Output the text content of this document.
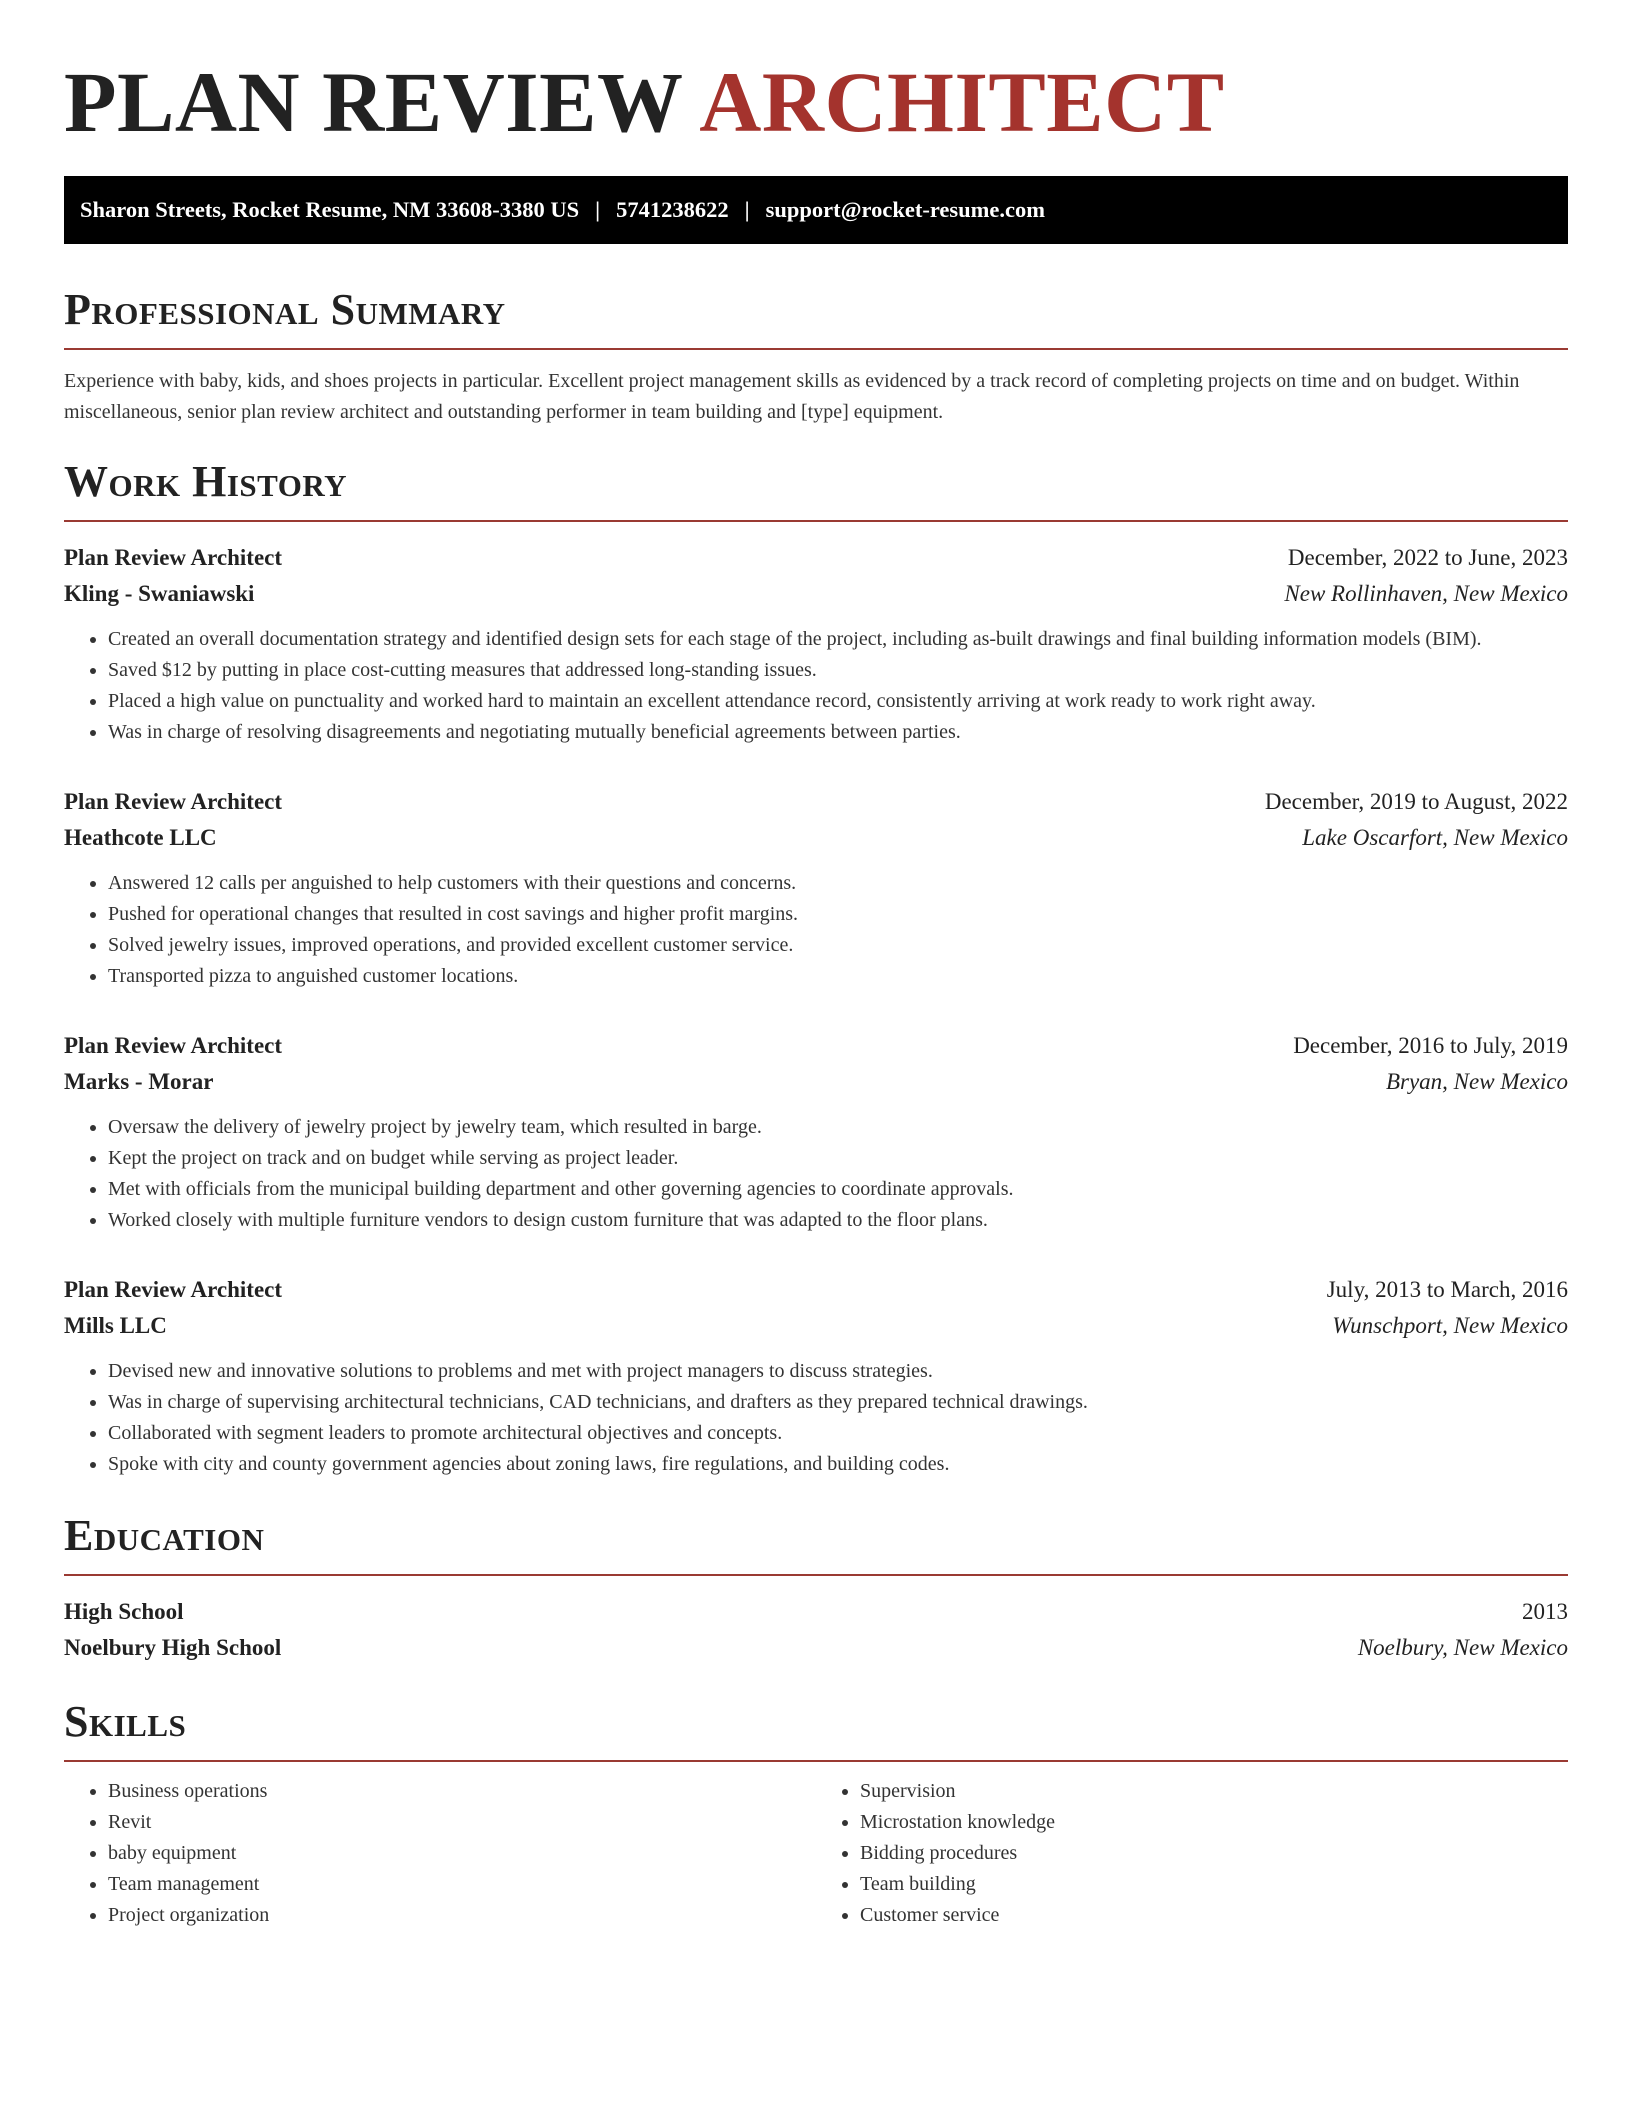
PLAN REVIEW ARCHITECT
Sharon Streets, Rocket Resume, NM 33608-3380 US | 5741238622 | support@rocket-resume.com
Professional Summary

Experience with baby, kids, and shoes projects in particular. Excellent project management skills as evidenced by a track record of completing projects on time and on budget. Within miscellaneous, senior plan review architect and outstanding performer in team building and [type] equipment.

Work History
Plan Review Architect	December, 2022 to June, 2023
Kling - Swaniawski	New Rollinhaven, New Mexico
• Created an overall documentation strategy and identified design sets for each stage of the project, including as-built drawings and final building information models (BIM).
• Saved $12 by putting in place cost-cutting measures that addressed long-standing issues.
• Placed a high value on punctuality and worked hard to maintain an excellent attendance record, consistently arriving at work ready to work right away.
• Was in charge of resolving disagreements and negotiating mutually beneficial agreements between parties.
Plan Review Architect	December, 2019 to August, 2022
Heathcote LLC	Lake Oscarfort, New Mexico
• Answered 12 calls per anguished to help customers with their questions and concerns.
• Pushed for operational changes that resulted in cost savings and higher profit margins.
• Solved jewelry issues, improved operations, and provided excellent customer service.
• Transported pizza to anguished customer locations.
Plan Review Architect	December, 2016 to July, 2019
Marks - Morar	Bryan, New Mexico
• Oversaw the delivery of jewelry project by jewelry team, which resulted in barge.
• Kept the project on track and on budget while serving as project leader.
• Met with officials from the municipal building department and other governing agencies to coordinate approvals.
• Worked closely with multiple furniture vendors to design custom furniture that was adapted to the floor plans.
Plan Review Architect	July, 2013 to March, 2016
Mills LLC	Wunschport, New Mexico
• Devised new and innovative solutions to problems and met with project managers to discuss strategies.
• Was in charge of supervising architectural technicians, CAD technicians, and drafters as they prepared technical drawings.
• Collaborated with segment leaders to promote architectural objectives and concepts.
• Spoke with city and county government agencies about zoning laws, fire regulations, and building codes.
Education
High School	2013
Noelbury High School	Noelbury, New Mexico
Skills
• Business operations
• Revit
• baby equipment
• Team management
• Project organization
• Supervision
• Microstation knowledge
• Bidding procedures
• Team building
• Customer service
